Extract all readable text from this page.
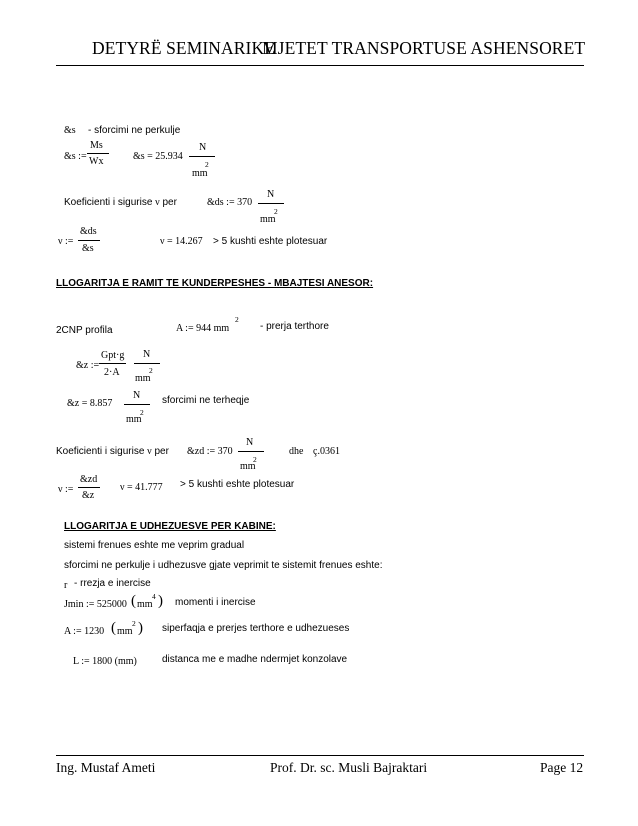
DETYRË SEMINARIKE
MJETET TRANSPORTUSE ASHENSORET
&s - sforcimi ne perkulje
&s :=
Ms
Wx	&s = 25.934
N
2
mm
Koeficienti i sigurise ν per	&ds := 370
N
2
mm
ν :=
&ds
&s
ν = 14.267 > 5 kushti eshte plotesuar
LLOGARITJA E RAMIT TE KUNDERPESHES - MBAJTESI ANESOR:
2CNP profila	A := 944 mm
2
- prerja terthore
&z :=
Gpt·g
2·A
N
2
mm
&z = 8.857
N
2
mm
sforcimi ne terheqje
Koeficienti i sigurise ν per &zd := 370
N
2
mm
dhe ç.0361
ν :=
&zd
&z
ν = 41.777 > 5 kushti eshte plotesuar
LLOGARITJA E UDHEZUESVE PER KABINE:
sistemi frenues eshte me veprim gradual
sforcimi ne perkulje i udhezusve gjate veprimit te sistemit frenues eshte:
r - rrezja e inercise
Jmin := 525000 ( mm
4 ) momenti i inercise
A := 1230 ( mm
2 ) siperfaqja e prerjes terthore e udhezueses
L := 1800 (mm)	distanca me e madhe ndermjet konzolave
Ing. Mustaf Ameti	Prof. Dr. sc. Musli Bajraktari	Page 12
